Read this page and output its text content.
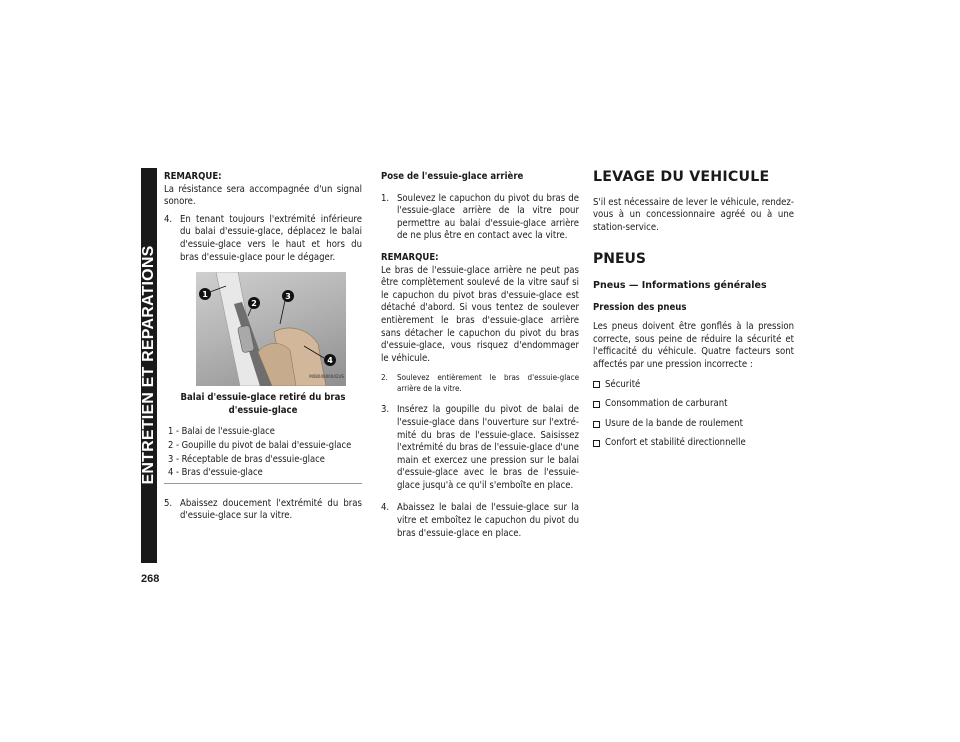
ENTRETIEN ET REPARATIONS
268
REMARQUE:

La résistance sera accompagnée d'un signal sonore.

4. En tenant toujours l'extrémité inférieure du balai d'essuie-glace, déplacez le balai d'essuie-glace vers le haut et hors du bras d'essuie-glace pour le dégager.
1
2
3
4
M0804000042US
Balai d'essuie-glace retiré du bras
d'essuie-glace
1 - Balai de l'essuie-glace
2 - Goupille du pivot de balai d'essuie-glace
3 - Réceptable de bras d'essuie-glace
4 - Bras d'essuie-glace
5. Abaissez doucement l'extrémité du bras d'essuie-glace sur la vitre.
Pose de l'essuie-glace arrière
1. Soulevez le capuchon du pivot du bras de l'essuie-glace arrière de la vitre pour permettre au balai d'essuie-glace arrière de ne plus être en contact avec la vitre.
REMARQUE:

Le bras de l'essuie-glace arrière ne peut pas être complètement soulevé de la vitre sauf si le capuchon du pivot bras d'essuie-glace est détaché d'abord. Si vous tentez de soulever entièrement le bras d'essuie-glace arrière sans détacher le capuchon du pivot du bras d'essuie-glace, vous risquez d'endommager le véhicule.

2.	Soulevez entièrement le bras d'essuie-glace arrière de la vitre.
3. Insérez la goupille du pivot de balai de l'essuie-glace dans l'ouverture sur l'extré-mité du bras de l'essuie-glace. Saisissez l'extrémité du bras de l'essuie-glace d'une main et exercez une pression sur le balai d'essuie-glace avec le bras de l'essuie-glace jusqu'à ce qu'il s'emboîte en place.
4. Abaissez le balai de l'essuie-glace sur la vitre et emboîtez le capuchon du pivot du bras d'essuie-glace en place.
LEVAGE DU VEHICULE

S'il est nécessaire de lever le véhicule, rendez-vous à un concessionnaire agréé ou à une station-service.

PNEUS
Pneus — Informations générales
Pression des pneus

Les pneus doivent être gonflés à la pression correcte, sous peine de réduire la sécurité et l'efficacité du véhicule. Quatre facteurs sont affectés par une pression incorrecte :

Sécurité
Consommation de carburant
Usure de la bande de roulement
Confort et stabilité directionnelle
